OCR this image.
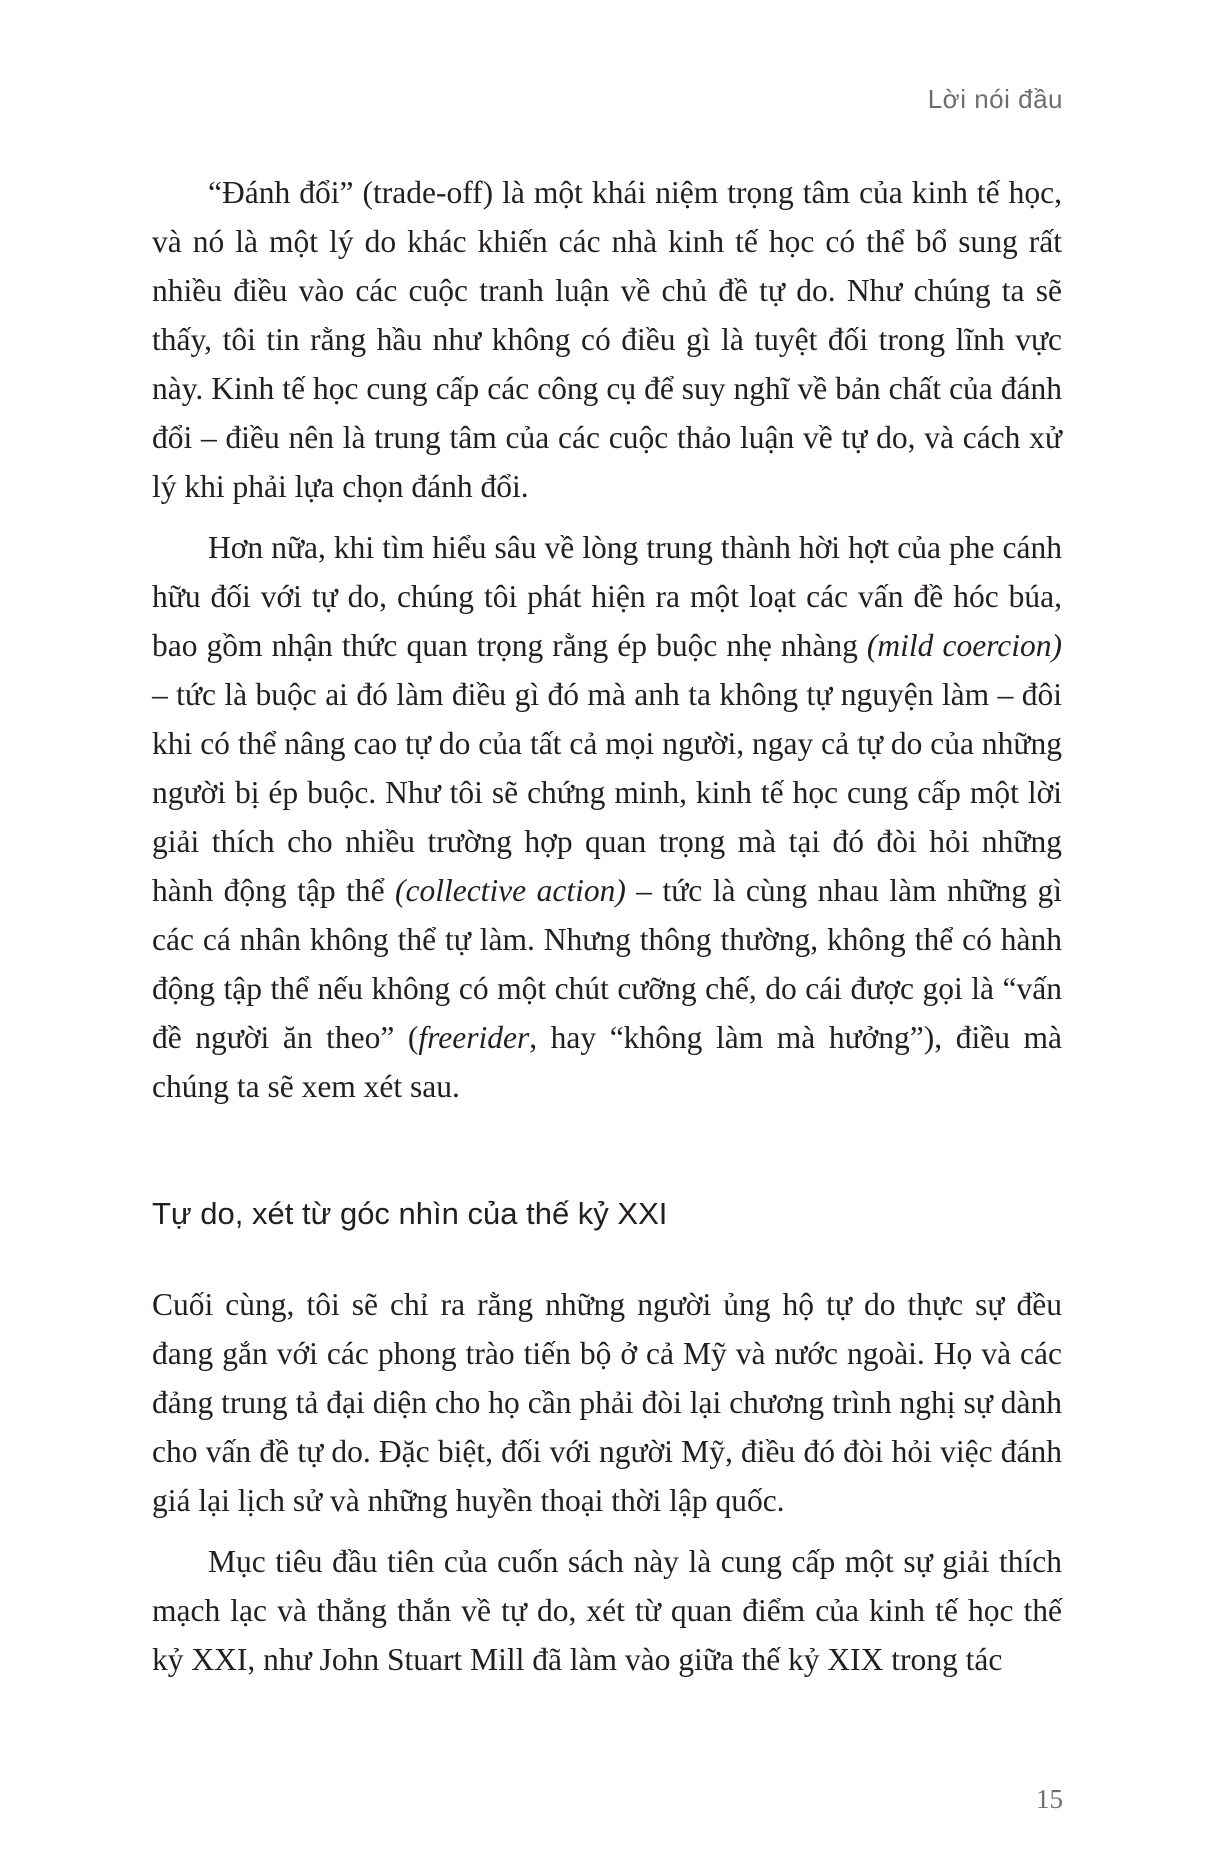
Lời nói đầu

“Đánh đổi” (trade-off) là một khái niệm trọng tâm của kinh tế học, và nó là một lý do khác khiến các nhà kinh tế học có thể bổ sung rất nhiều điều vào các cuộc tranh luận về chủ đề tự do. Như chúng ta sẽ thấy, tôi tin rằng hầu như không có điều gì là tuyệt đối trong lĩnh vực này. Kinh tế học cung cấp các công cụ để suy nghĩ về bản chất của đánh đổi – điều nên là trung tâm của các cuộc thảo luận về tự do, và cách xử lý khi phải lựa chọn đánh đổi.

Hơn nữa, khi tìm hiểu sâu về lòng trung thành hời hợt của phe cánh hữu đối với tự do, chúng tôi phát hiện ra một loạt các vấn đề hóc búa, bao gồm nhận thức quan trọng rằng ép buộc nhẹ nhàng (mild coercion) – tức là buộc ai đó làm điều gì đó mà anh ta không tự nguyện làm – đôi khi có thể nâng cao tự do của tất cả mọi người, ngay cả tự do của những người bị ép buộc. Như tôi sẽ chứng minh, kinh tế học cung cấp một lời giải thích cho nhiều trường hợp quan trọng mà tại đó đòi hỏi những hành động tập thể (collective action) – tức là cùng nhau làm những gì các cá nhân không thể tự làm. Nhưng thông thường, không thể có hành động tập thể nếu không có một chút cưỡng chế, do cái được gọi là “vấn đề người ăn theo” (freerider, hay “không làm mà hưởng”), điều mà chúng ta sẽ xem xét sau.

Tự do, xét từ góc nhìn của thế kỷ XXI

Cuối cùng, tôi sẽ chỉ ra rằng những người ủng hộ tự do thực sự đều đang gắn với các phong trào tiến bộ ở cả Mỹ và nước ngoài. Họ và các đảng trung tả đại diện cho họ cần phải đòi lại chương trình nghị sự dành cho vấn đề tự do. Đặc biệt, đối với người Mỹ, điều đó đòi hỏi việc đánh giá lại lịch sử và những huyền thoại thời lập quốc.

Mục tiêu đầu tiên của cuốn sách này là cung cấp một sự giải thích mạch lạc và thẳng thắn về tự do, xét từ quan điểm của kinh tế học thế kỷ XXI, như John Stuart Mill đã làm vào giữa thế kỷ XIX trong tác

15
